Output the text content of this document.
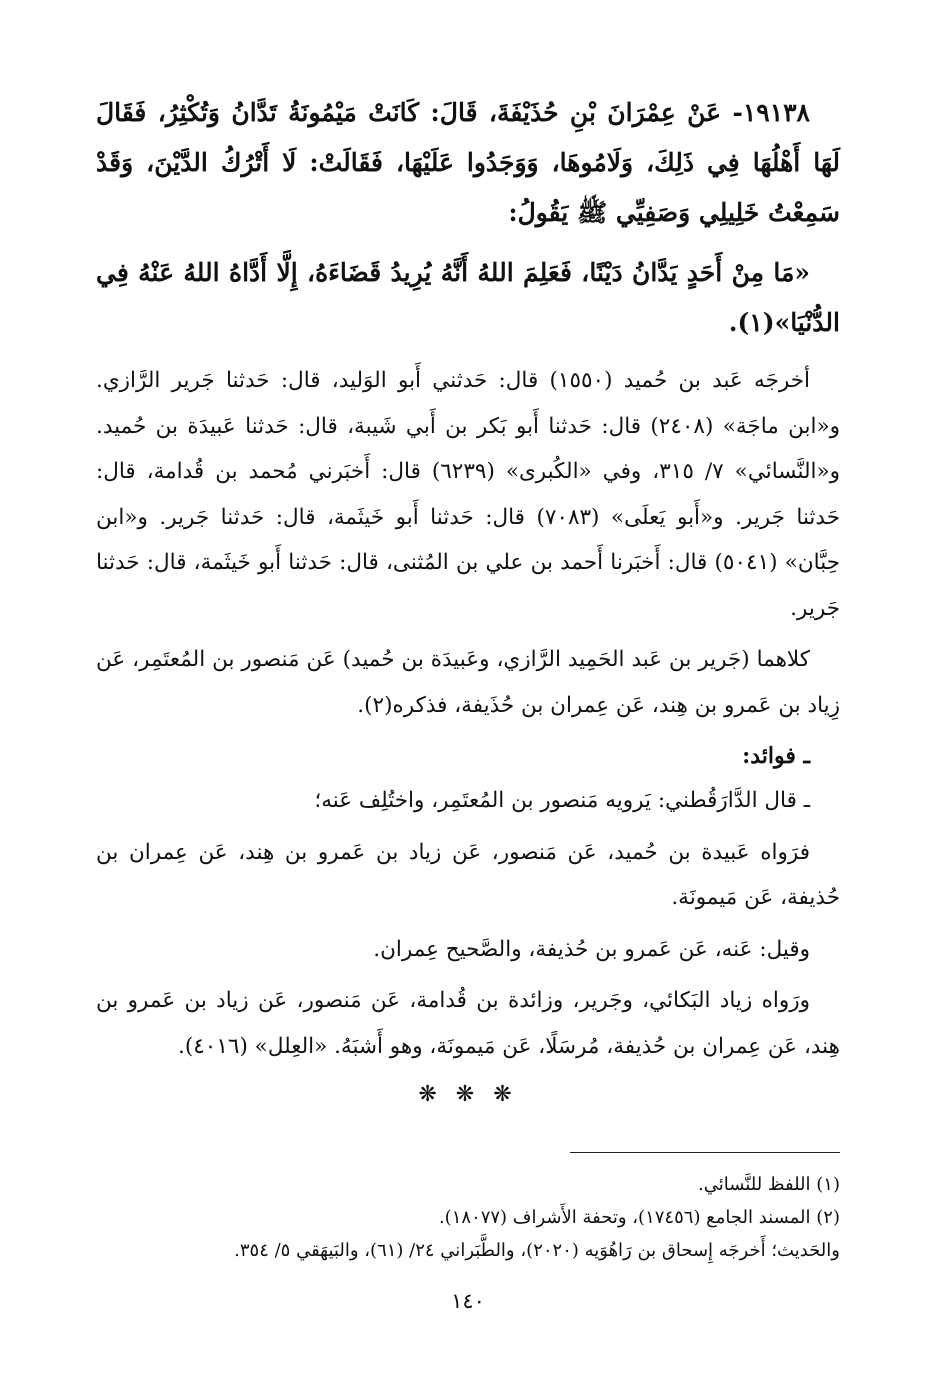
١٩١٣٨- عَنْ عِمْرَانَ بْنِ حُذَيْفَةَ، قَالَ: كَانَتْ مَيْمُونَةُ تَدَّانُ وَتُكْثِرُ، فَقَالَ لَهَا أَهْلُهَا فِي ذَلِكَ، وَلَامُوهَا، وَوَجَدُوا عَلَيْهَا، فَقَالَتْ: لَا أَتْرُكُ الدَّيْنَ، وَقَدْ سَمِعْتُ خَلِيلِي وَصَفِيِّي ﷺ يَقُولُ:

«مَا مِنْ أَحَدٍ يَدَّانُ دَيْنًا، فَعَلِمَ اللهُ أَنَّهُ يُرِيدُ قَضَاءَهُ، إِلَّا أَدَّاهُ اللهُ عَنْهُ فِي الدُّنْيَا»(١).

أخرجَه عَبد بن حُميد (١٥٥٠) قال: حَدثني أَبو الوَليد، قال: حَدثنا جَرير الرَّازي. و«ابن ماجَة» (٢٤٠٨) قال: حَدثنا أَبو بَكر بن أَبي شَيبة، قال: حَدثنا عَبيدَة بن حُميد. و«النَّسائي» ٧/ ٣١٥، وفي «الكُبرى» (٦٢٣٩) قال: أَخبَرني مُحمد بن قُدامة، قال: حَدثنا جَرير. و«أَبو يَعلَى» (٧٠٨٣) قال: حَدثنا أَبو خَيثَمة، قال: حَدثنا جَرير. و«ابن حِبَّان» (٥٠٤١) قال: أَخبَرنا أَحمد بن علي بن المُثنى، قال: حَدثنا أَبو خَيثَمة، قال: حَدثنا جَرير.

كلاهما (جَرير بن عَبد الحَمِيد الرَّازي، وعَبيدَة بن حُميد) عَن مَنصور بن المُعتَمِر، عَن زِياد بن عَمرو بن هِند، عَن عِمران بن حُذَيفة، فذكره(٢).

ـ فوائد:

ـ قال الدَّارَقُطني: يَرويه مَنصور بن المُعتَمِر، واختُلِف عَنه؛

فرَواه عَبيدة بن حُميد، عَن مَنصور، عَن زياد بن عَمرو بن هِند، عَن عِمران بن حُذيفة، عَن مَيمونَة.

وقيل: عَنه، عَن عَمرو بن حُذيفة، والصَّحيح عِمران.

ورَواه زياد البَكائي، وجَرير، وزائدة بن قُدامة، عَن مَنصور، عَن زياد بن عَمرو بن هِند، عَن عِمران بن حُذيفة، مُرسَلًا، عَن مَيمونَة، وهو أَشبَهُ. «العِلل» (٤٠١٦).

❋ ❋ ❋

(١) اللفظ للنَّسائي.

(٢) المسند الجامع (١٧٤٥٦)، وتحفة الأَشراف (١٨٠٧٧).

والحَديث؛ أَخرجَه إِسحاق بن رَاهُوَيه (٢٠٢٠)، والطَّبَراني ٢٤/ (٦١)، والبَيهَقي ٥/ ٣٥٤.

١٤٠
